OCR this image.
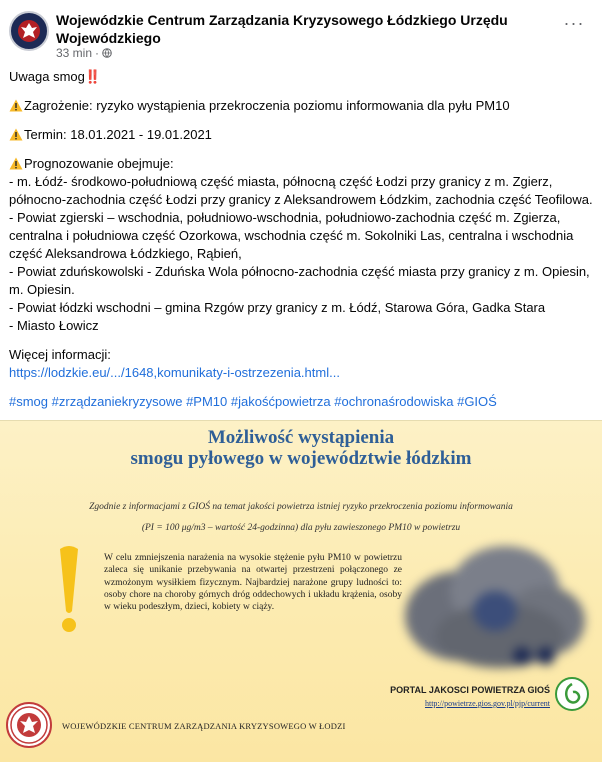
Wojewódzkie Centrum Zarządzania Kryzysowego Łódzkiego Urzędu Wojewódzkiego
33 min ·
···

Uwaga smog‼️

Zagrożenie: ryzyko wystąpienia przekroczenia poziomu informowania dla pyłu PM10

Termin: 18.01.2021 - 19.01.2021

Prognozowanie obejmuje:

- m. Łódź- środkowo-południową część miasta, północną część Łodzi przy granicy z m. Zgierz, północno-zachodnia część Łodzi przy granicy z Aleksandrowem Łódzkim, zachodnia część Teofilowa.

- Powiat zgierski – wschodnia, południowo-wschodnia, południowo-zachodnia część m. Zgierza, centralna i południowa część Ozorkowa, wschodnia część m. Sokolniki Las, centralna i wschodnia część Aleksandrowa Łódzkiego, Rąbień,

- Powiat zduńskowolski - Zduńska Wola północno-zachodnia część miasta przy granicy z m. Opiesin, m. Opiesin.

- Powiat łódzki wschodni – gmina Rzgów przy granicy z m. Łódź, Starowa Góra, Gadka Stara

- Miasto Łowicz

Więcej informacji:

https://lodzkie.eu/.../1648,komunikaty-i-ostrzezenia.html...

#smog #zrządzaniekryzysowe #PM10 #jakośćpowietrza #ochronaśrodowiska #GIOŚ

Możliwość wystąpienia
smogu pyłowego w województwie łódzkim
Zgodnie z informacjami z GIOŚ na temat jakości powietrza istniej ryzyko przekroczenia poziomu informowania
(PI = 100 μg/m3 – wartość 24-godzinna) dla pyłu zawieszonego PM10 w powietrzu
W celu zmniejszenia narażenia na wysokie stężenie pyłu PM10 w powietrzu zaleca się unikanie przebywania na otwartej przestrzeni połączonego ze wzmożonym wysiłkiem fizycznym. Najbardziej narażone grupy ludności to: osoby chore na choroby górnych dróg oddechowych i układu krążenia, osoby w wieku podeszłym, dzieci, kobiety w ciąży.
PORTAL JAKOSCI POWIETRZA GIOŚ
http://powietrze.gios.gov.pl/pjp/current
WOJEWÓDZKIE CENTRUM ZARZĄDZANIA KRYZYSOWEGO W ŁODZI
